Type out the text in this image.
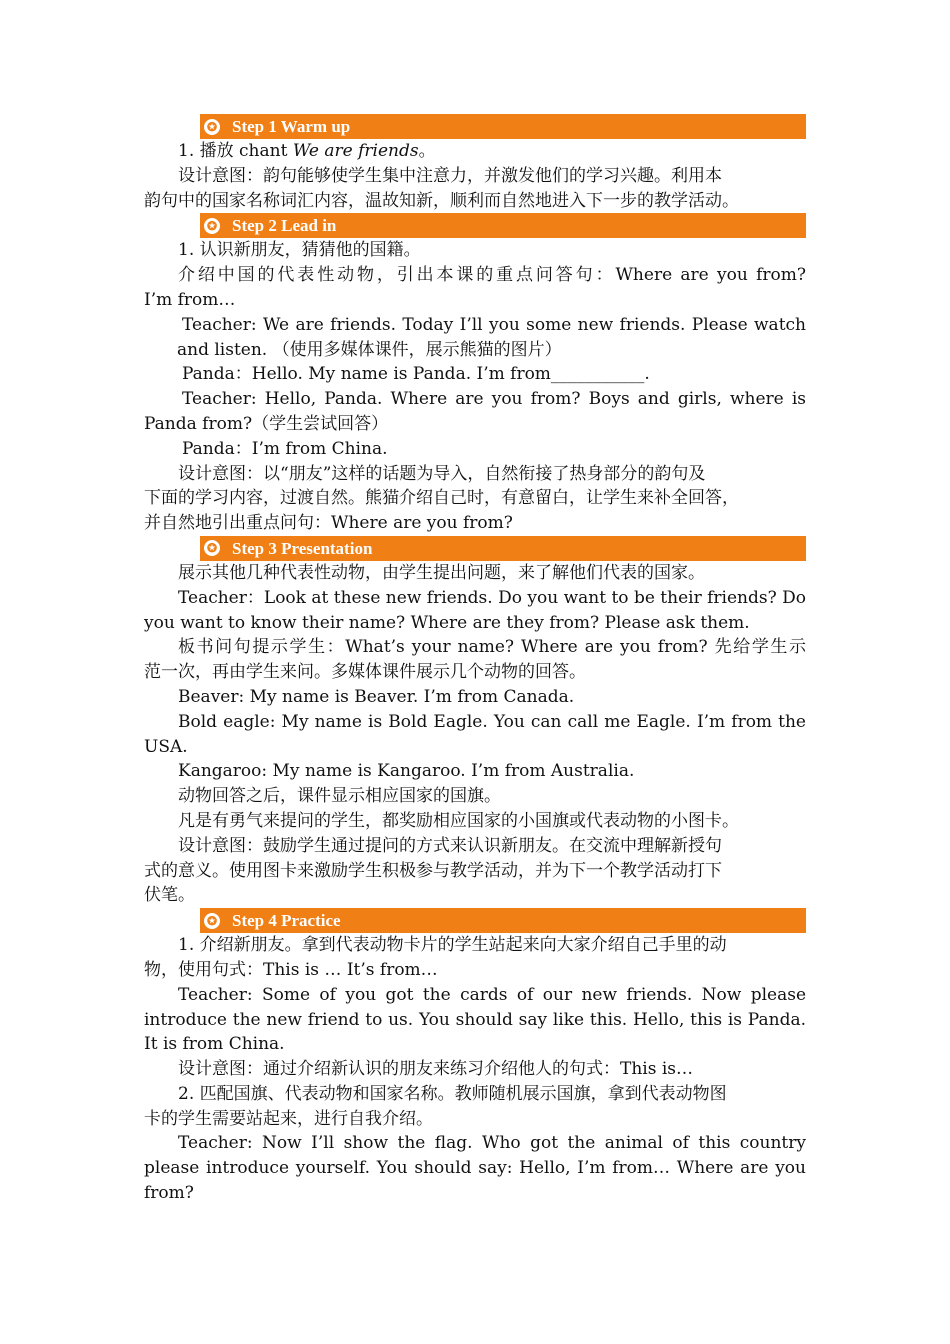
✪ Step 1 Warm up

1. 播放 chant We are friends。

设计意图：韵句能够使学生集中注意力，并激发他们的学习兴趣。利用本

韵句中的国家名称词汇内容，温故知新，顺利而自然地进入下一步的教学活动。

✪ Step 2 Lead in

1. 认识新朋友，猜猜他的国籍。

介绍中国的代表性动物，引出本课的重点问答句：Where are you from?

I’m from…

Teacher: We are friends. Today I’ll you some new friends. Please watch

and listen. （使用多媒体课件，展示熊猫的图片）

Panda：Hello. My name is Panda. I’m from___________.

Teacher: Hello, Panda. Where are you from? Boys and girls, where is

Panda from?（学生尝试回答）

Panda：I’m from China.

设计意图：以“朋友”这样的话题为导入，自然衔接了热身部分的韵句及

下面的学习内容，过渡自然。熊猫介绍自己时，有意留白，让学生来补全回答，

并自然地引出重点问句：Where are you from?

✪ Step 3 Presentation

展示其他几种代表性动物，由学生提出问题，来了解他们代表的国家。

Teacher：Look at these new friends. Do you want to be their friends? Do

you want to know their name? Where are they from? Please ask them.

板书问句提示学生：What’s your name? Where are you from? 先给学生示

范一次，再由学生来问。多媒体课件展示几个动物的回答。

Beaver: My name is Beaver. I’m from Canada.

Bold eagle: My name is Bold Eagle. You can call me Eagle. I’m from the

USA.

Kangaroo: My name is Kangaroo. I’m from Australia.

动物回答之后，课件显示相应国家的国旗。

凡是有勇气来提问的学生，都奖励相应国家的小国旗或代表动物的小图卡。

设计意图：鼓励学生通过提问的方式来认识新朋友。在交流中理解新授句

式的意义。使用图卡来激励学生积极参与教学活动，并为下一个教学活动打下

伏笔。

✪ Step 4 Practice

1. 介绍新朋友。拿到代表动物卡片的学生站起来向大家介绍自己手里的动

物，使用句式：This is … It’s from…

Teacher: Some of you got the cards of our new friends. Now please

introduce the new friend to us. You should say like this. Hello, this is Panda.

It is from China.

设计意图：通过介绍新认识的朋友来练习介绍他人的句式：This is…

2. 匹配国旗、代表动物和国家名称。教师随机展示国旗，拿到代表动物图

卡的学生需要站起来，进行自我介绍。

Teacher: Now I’ll show the flag. Who got the animal of this country

please introduce yourself. You should say: Hello, I’m from… Where are you

from?
